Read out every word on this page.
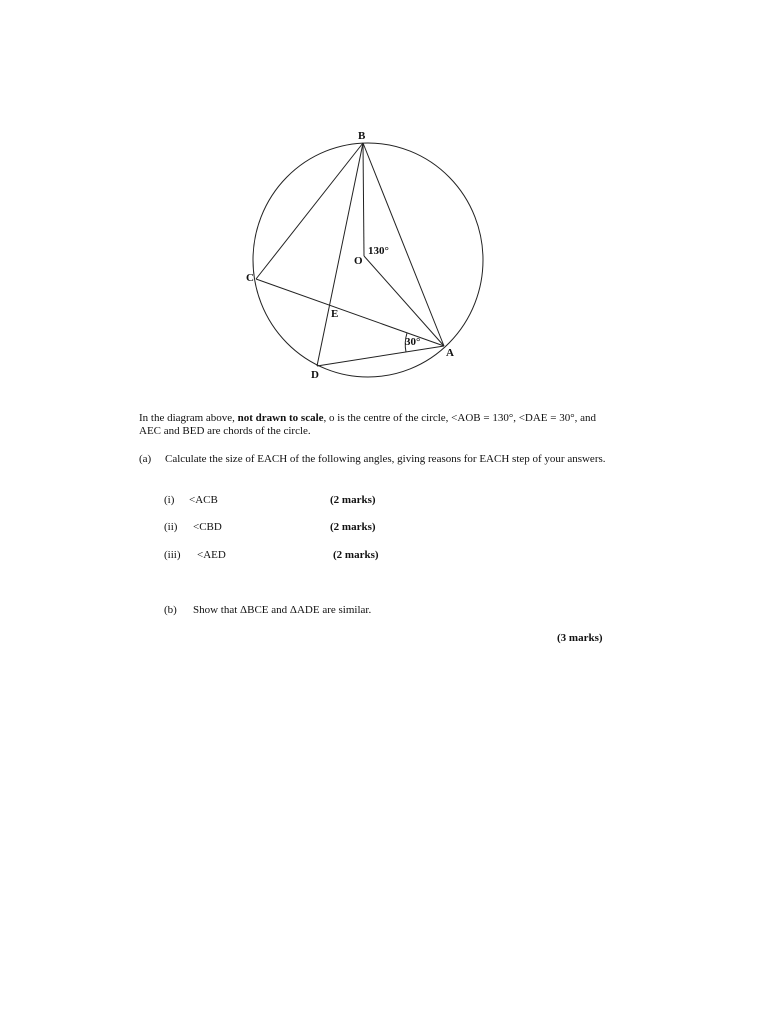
B
C
O
E
A
D
130°
30°
In the diagram above, not drawn to scale, o is the centre of the circle, <AOB = 130°, <DAE = 30°, and AEC and BED are chords of the circle.
(a) Calculate the size of EACH of the following angles, giving reasons for EACH step of your answers.
(i) <ACB	(2 marks)
(ii) <CBD	(2 marks)
(iii) <AED	(2 marks)
(b) Show that ΔBCE and ΔADE are similar.
(3 marks)
